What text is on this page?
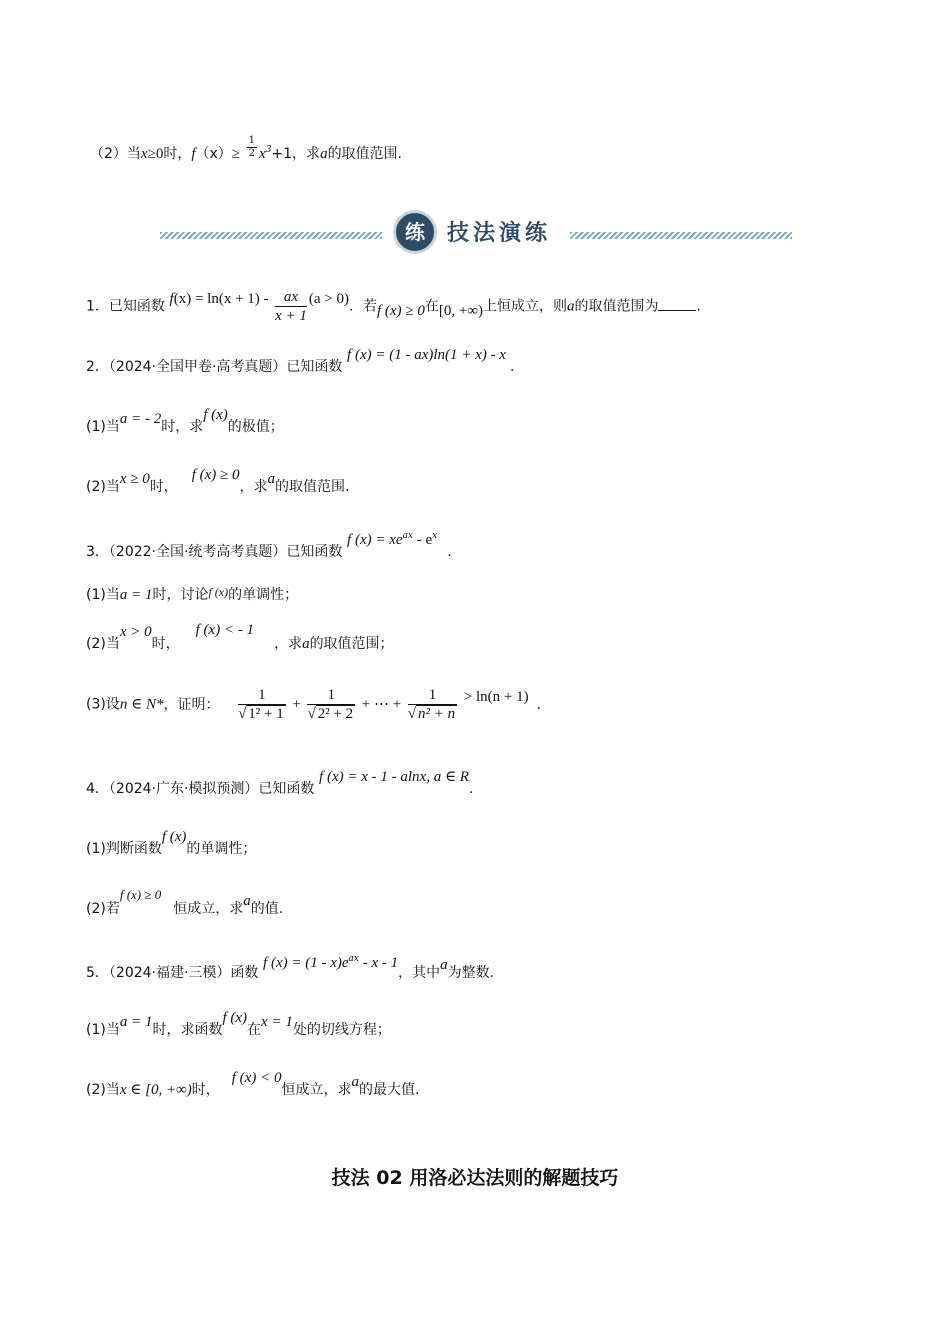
（2）当x≥0时，$f(x)\ge \frac{1}{2} x^3+1$，求a的取值范围.
练	技法演练
1．已知函数 $f(x) = \ln(x + 1) - \frac{ax}{x + 1} (a > 0)$．若f (x) ≥ 0在[0, +∞)上恒成立，则a的取值范围为	.
2．（2024·全国甲卷·高考真题）已知函数 f (x) = (1 - ax)ln(1 + x) - x.
(1)当a = - 2时，求f (x)的极值；
(2)当x ≥ 0时，f (x) ≥ 0，求a的取值范围.
3．（2022·全国·统考高考真题）已知函数 f $(x) = xe^{ax} - e^x$.
(1)当a = 1时，讨论$^{f (x)}$的单调性；
(2)当x > 0时，f (x) < - 1，求a的取值范围；
(3)设n ∈ N*，证明： $\frac{1}{\text{√ 1² + 1}} + \frac{1}{\text{√ 2² + 2}}$ + ⋯ + $\frac{1}{\text{√ n² + n}} > \ln(n + 1)$ .
4．（2024·广东·模拟预测）已知函数 f (x) = x - 1 - alnx, a ∈ R.
(1)判断函数f (x)的单调性；
(2)若f (x) ≥ 0恒成立，求a的值.
5．（2024·福建·三模）函数 f $(x) = (1 - x)e^{ax} - x - 1$，其中a为整数.
(1)当a = 1时，求函数f (x)在x = 1处的切线方程；
(2)当x ∈ [0, +∞)时，f (x) < 0恒成立，求a的最大值.
技法 02 用洛必达法则的解题技巧
